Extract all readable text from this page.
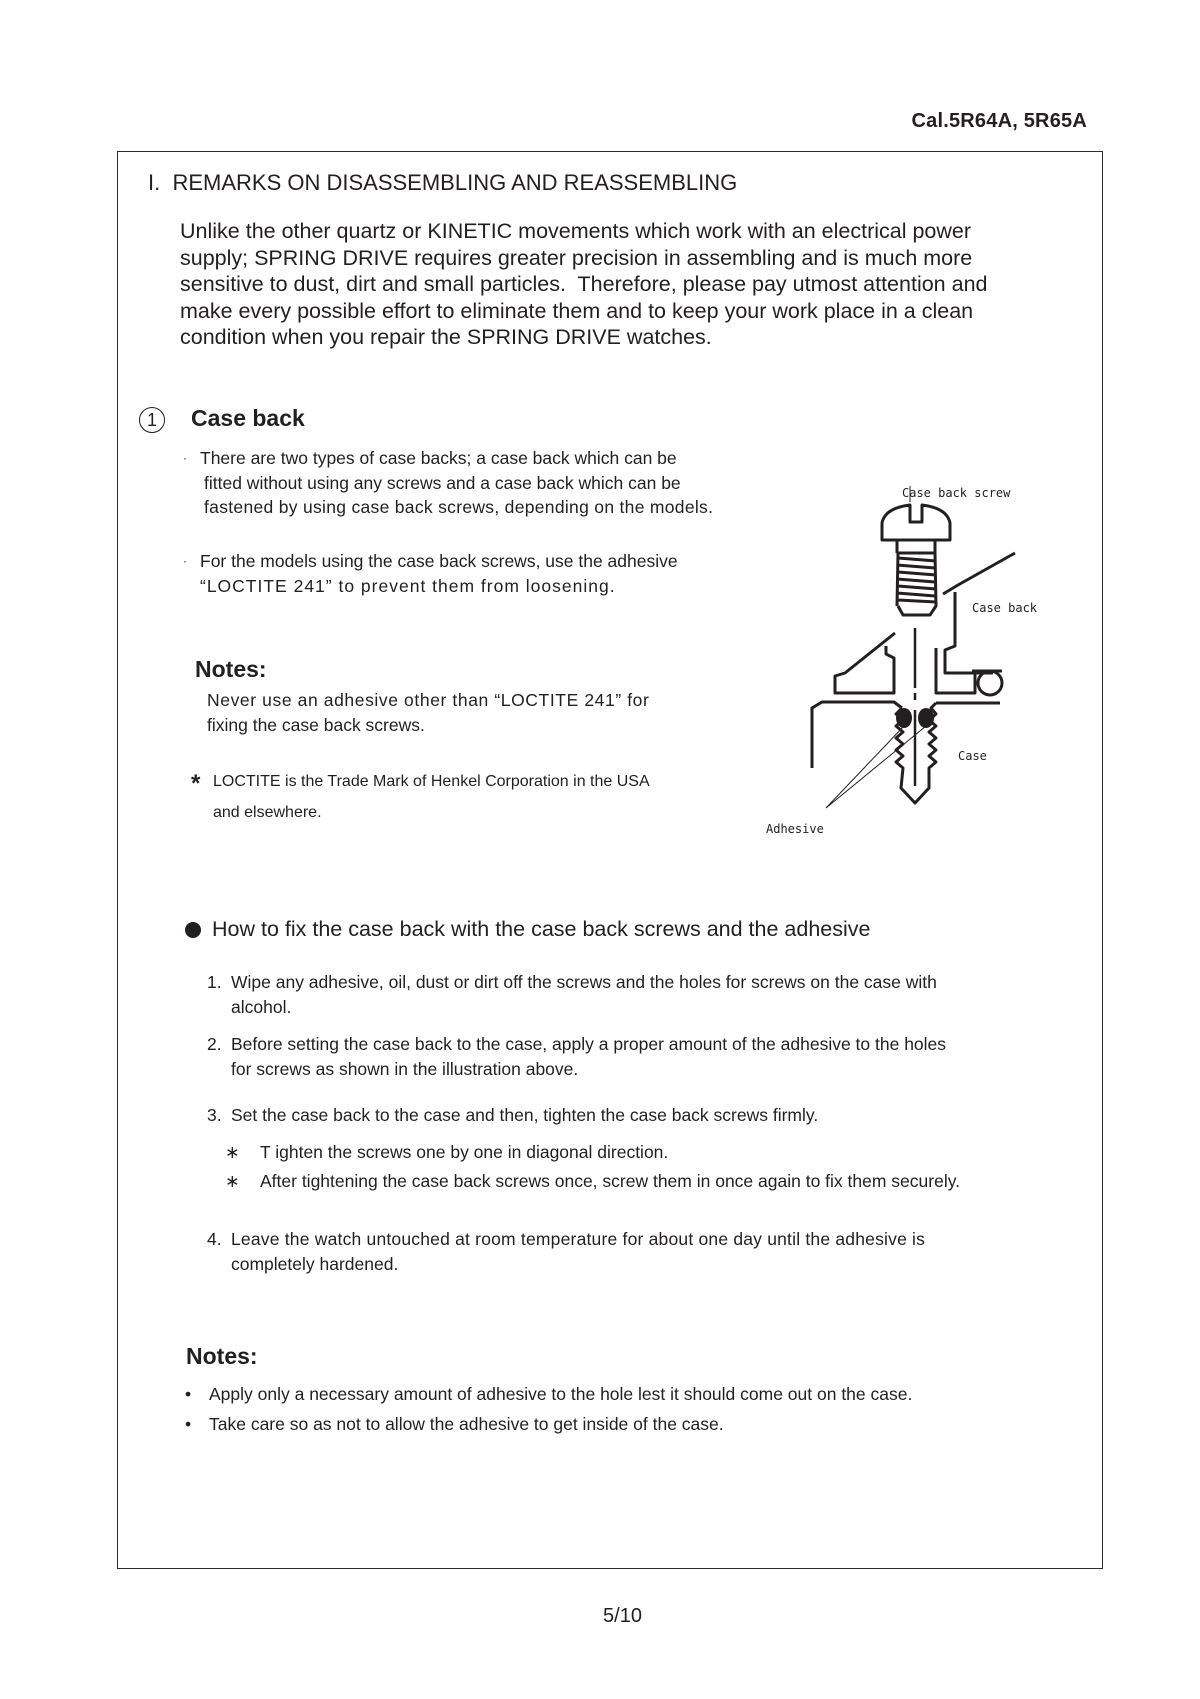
Cal.5R64A, 5R65A
I.  REMARKS ON DISASSEMBLING AND REASSEMBLING

Unlike the other quartz or KINETIC movements which work with an electrical power

supply; SPRING DRIVE requires greater precision in assembling and is much more

sensitive to dust, dirt and small particles.  Therefore, please pay utmost attention and

make every possible effort to eliminate them and to keep your work place in a clean

condition when you repair the SPRING DRIVE watches.

1	Case back
· There are two types of case backs; a case back which can be
fitted without using any screws and a case back which can be
fastened by using case back screws, depending on the models.
· For the models using the case back screws, use the adhesive
“LOCTITE 241” to prevent them from loosening.
Notes:
Never use an adhesive other than “LOCTITE 241” for
fixing the case back screws.
* LOCTITE is the Trade Mark of Henkel Corporation in the USA
and elsewhere.
Case back screw
Case back
Case
Adhesive
How to fix the case back with the case back screws and the adhesive
1. Wipe any adhesive, oil, dust or dirt off the screws and the holes for screws on the case with
alcohol.
2. Before setting the case back to the case, apply a proper amount of the adhesive to the holes
for screws as shown in the illustration above.
3. Set the case back to the case and then, tighten the case back screws firmly.
∗ T ighten the screws one by one in diagonal direction.
∗ After tightening the case back screws once, screw them in once again to fix them securely.
4. Leave the watch untouched at room temperature for about one day until the adhesive is
completely hardened.
Notes:
• Apply only a necessary amount of adhesive to the hole lest it should come out on the case.
• Take care so as not to allow the adhesive to get inside of the case.
5/10
